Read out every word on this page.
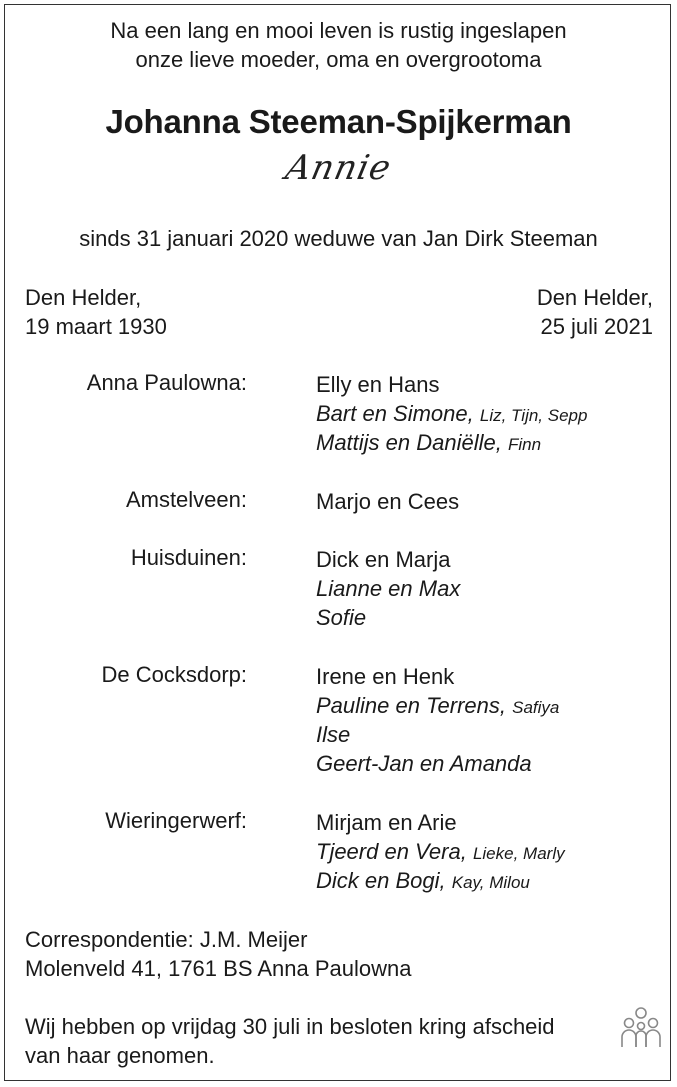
Na een lang en mooi leven is rustig ingeslapen
onze lieve moeder, oma en overgrootoma
Johanna Steeman-Spijkerman
Annie
sinds 31 januari 2020 weduwe van Jan Dirk Steeman
Den Helder,
19 maart 1930
Den Helder,
25 juli 2021
Anna Paulowna:	Elly en Hans
Bart en Simone, Liz, Tijn, Sepp
Mattijs en Daniëlle, Finn
Amstelveen:	Marjo en Cees
Huisduinen:	Dick en Marja
Lianne en Max
Sofie
De Cocksdorp:	Irene en Henk
Pauline en Terrens, Safiya
Ilse
Geert-Jan en Amanda
Wieringerwerf:	Mirjam en Arie
Tjeerd en Vera, Lieke, Marly
Dick en Bogi, Kay, Milou
Correspondentie: J.M. Meijer
Molenveld 41, 1761 BS Anna Paulowna
Wij hebben op vrijdag 30 juli in besloten kring afscheid
van haar genomen.
